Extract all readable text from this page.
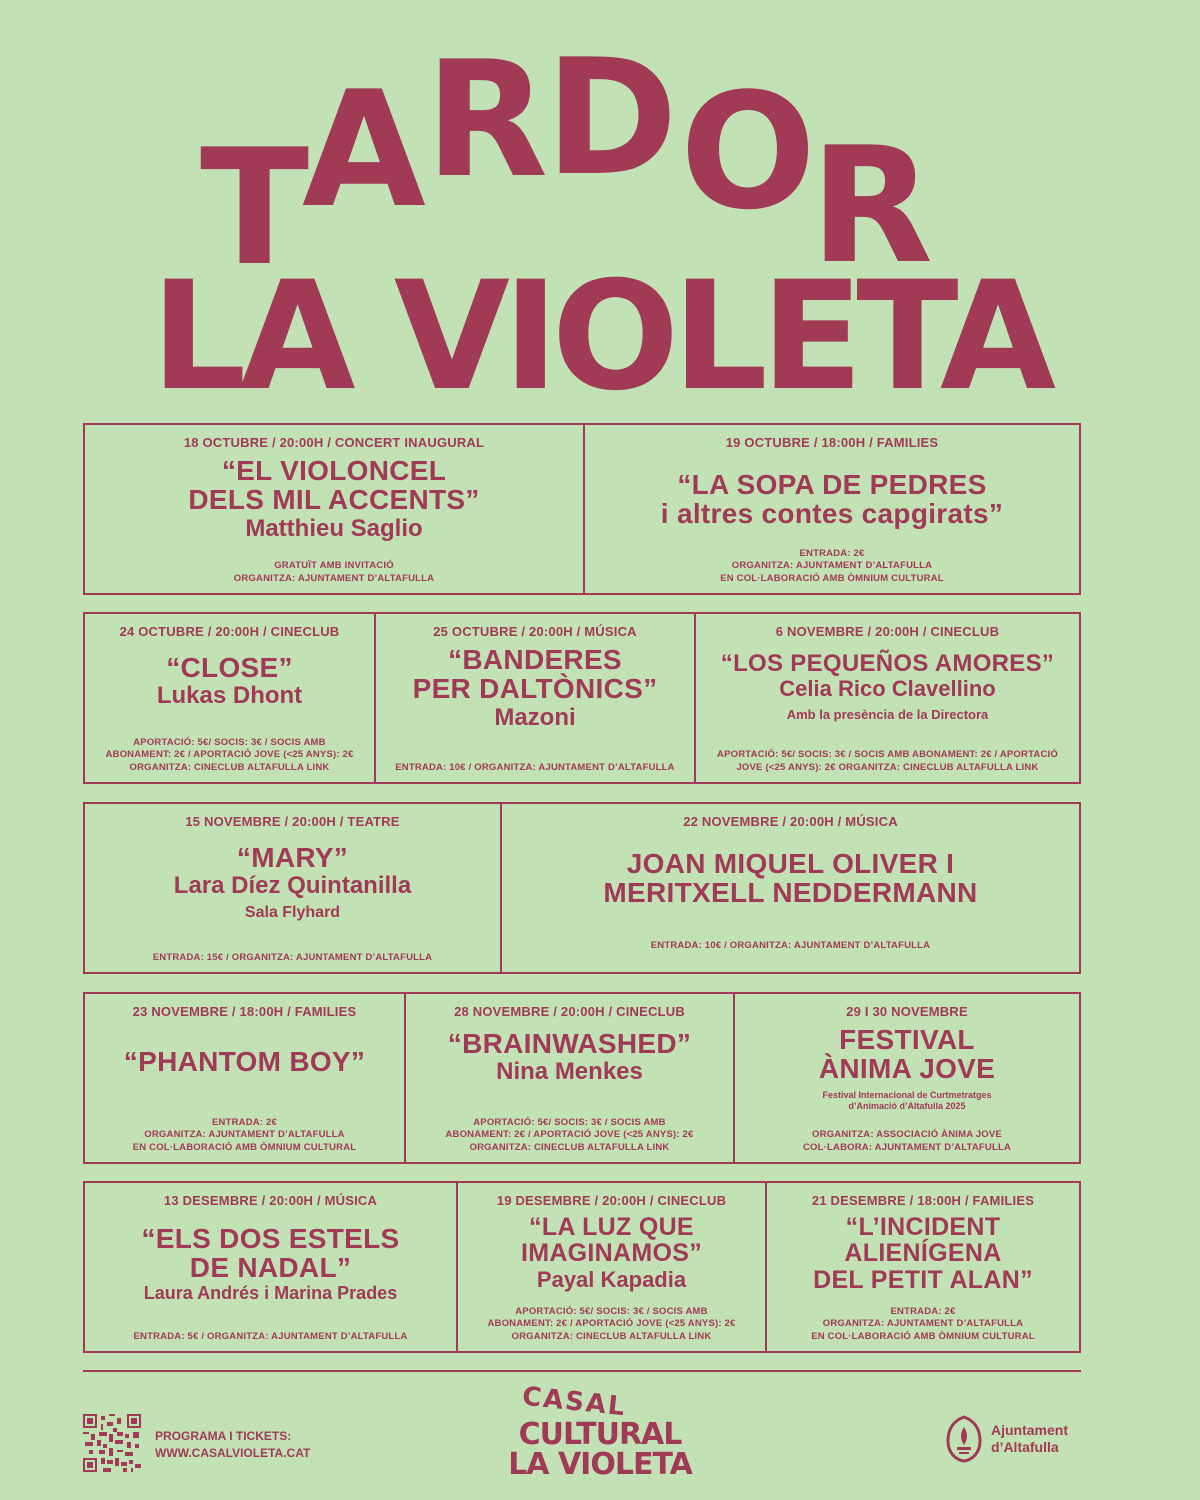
T
A R D O
R
LA VIOLETA
18 OCTUBRE / 20:00H / CONCERT INAUGURAL
“EL VIOLONCEL
DELS MIL ACCENTS”
Matthieu Saglio
GRATUÏT AMB INVITACIÓ
ORGANITZA: AJUNTAMENT D’ALTAFULLA
19 OCTUBRE / 18:00H / FAMILIES
“LA SOPA DE PEDRES
i altres contes capgirats”
ENTRADA: 2€
ORGANITZA: AJUNTAMENT D’ALTAFULLA
EN COL·LABORACIÓ AMB ÒMNIUM CULTURAL
24 OCTUBRE / 20:00H / CINECLUB
“CLOSE”
Lukas Dhont
APORTACIÓ: 5€/ SOCIS: 3€ / SOCIS AMB
ABONAMENT: 2€ / APORTACIÓ JOVE (<25 ANYS): 2€
ORGANITZA: CINECLUB ALTAFULLA LINK
25 OCTUBRE / 20:00H / MÚSICA
“BANDERES
PER DALTÒNICS”
Mazoni
ENTRADA: 10€ / ORGANITZA: AJUNTAMENT D’ALTAFULLA
6 NOVEMBRE / 20:00H / CINECLUB
“LOS PEQUEÑOS AMORES”
Celia Rico Clavellino
Amb la presència de la Directora
APORTACIÓ: 5€/ SOCIS: 3€ / SOCIS AMB ABONAMENT: 2€ / APORTACIÓ
JOVE (<25 ANYS): 2€ ORGANITZA: CINECLUB ALTAFULLA LINK
15 NOVEMBRE / 20:00H / TEATRE
“MARY”
Lara Díez Quintanilla
Sala Flyhard
ENTRADA: 15€ / ORGANITZA: AJUNTAMENT D’ALTAFULLA
22 NOVEMBRE / 20:00H / MÚSICA
JOAN MIQUEL OLIVER I
MERITXELL NEDDERMANN
ENTRADA: 10€ / ORGANITZA: AJUNTAMENT D’ALTAFULLA
23 NOVEMBRE / 18:00H / FAMILIES
“PHANTOM BOY”
ENTRADA: 2€
ORGANITZA: AJUNTAMENT D’ALTAFULLA
EN COL·LABORACIÓ AMB ÒMNIUM CULTURAL
28 NOVEMBRE / 20:00H / CINECLUB
“BRAINWASHED”
Nina Menkes
APORTACIÓ: 5€/ SOCIS: 3€ / SOCIS AMB
ABONAMENT: 2€ / APORTACIÓ JOVE (<25 ANYS): 2€
ORGANITZA: CINECLUB ALTAFULLA LINK
29 I 30 NOVEMBRE
FESTIVAL
ÀNIMA JOVE
Festival Internacional de Curtmetratges
d’Animació d’Altafulla 2025
ORGANITZA: ASSOCIACIÓ ÀNIMA JOVE
COL·LABORA: AJUNTAMENT D’ALTAFULLA
13 DESEMBRE / 20:00H / MÚSICA
“ELS DOS ESTELS
DE NADAL”
Laura Andrés i Marina Prades
ENTRADA: 5€ / ORGANITZA: AJUNTAMENT D’ALTAFULLA
19 DESEMBRE / 20:00H / CINECLUB
“LA LUZ QUE
IMAGINAMOS”
Payal Kapadia
APORTACIÓ: 5€/ SOCIS: 3€ / SOCIS AMB
ABONAMENT: 2€ / APORTACIÓ JOVE (<25 ANYS): 2€
ORGANITZA: CINECLUB ALTAFULLA LINK
21 DESEMBRE / 18:00H / FAMILIES
“L’INCIDENT
ALIENÍGENA
DEL PETIT ALAN”
ENTRADA: 2€
ORGANITZA: AJUNTAMENT D’ALTAFULLA
EN COL·LABORACIÓ AMB ÒMNIUM CULTURAL
PROGRAMA I TICKETS:
WWW.CASALVIOLETA.CAT
CASAL
CULTURAL
LA VIOLETA
Ajuntament
d’Altafulla
